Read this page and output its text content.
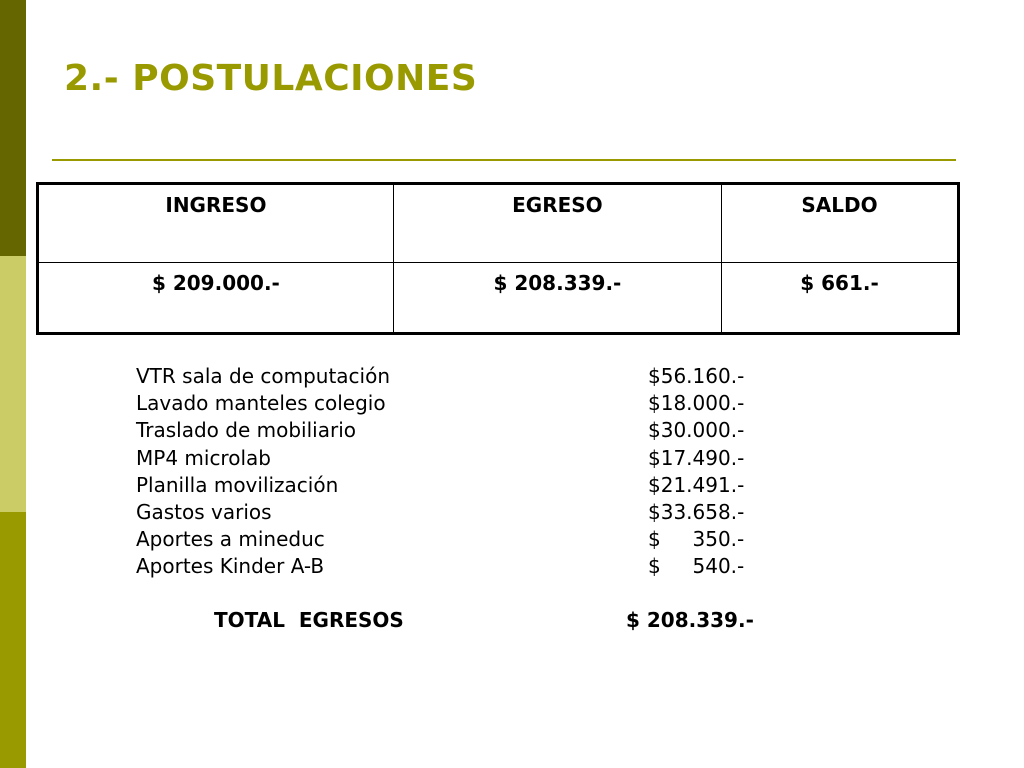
2.- POSTULACIONES
INGRESO	EGRESO	SALDO
$ 209.000.-	$ 208.339.-	$ 661.-
VTR sala de computación	$56.160.-
Lavado manteles colegio	$18.000.-
Traslado de mobiliario	$30.000.-
MP4 microlab	$17.490.-
Planilla movilización	$21.491.-
Gastos varios	$33.658.-
Aportes a mineduc	$     350.-
Aportes Kinder A-B	$     540.-
TOTAL  EGRESOS	$ 208.339.-
